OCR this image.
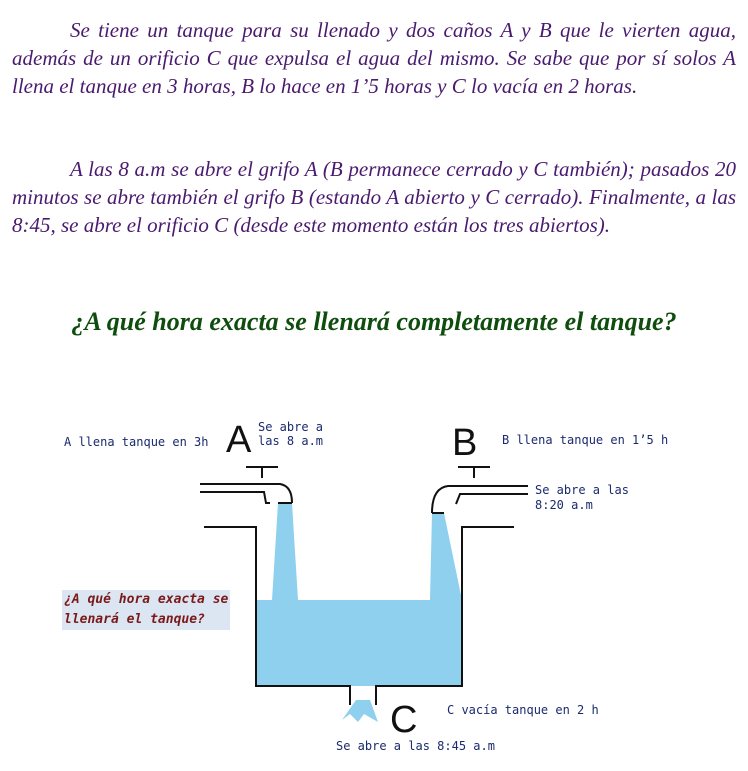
Se tiene un tanque para su llenado y dos caños A y B que le vierten agua, además de un orificio C que expulsa el agua del mismo. Se sabe que por sí solos A llena el tanque en 3 horas, B lo hace en 1’5 horas y C lo vacía en 2 horas.

A las 8 a.m se abre el grifo A (B permanece cerrado y C también); pasados 20 minutos se abre también el grifo B (estando A abierto y C cerrado). Finalmente, a las 8:45, se abre el orificio C (desde este momento están los tres abiertos).

¿A qué hora exacta se llenará completamente el tanque?

A	B
C
A llena tanque en 3h
Se abre a
las 8 a.m	B llena tanque en 1’5 h
Se abre a las
8:20 a.m
C vacía tanque en 2 h
Se abre a las 8:45 a.m
¿A qué hora exacta se
llenará el tanque?
